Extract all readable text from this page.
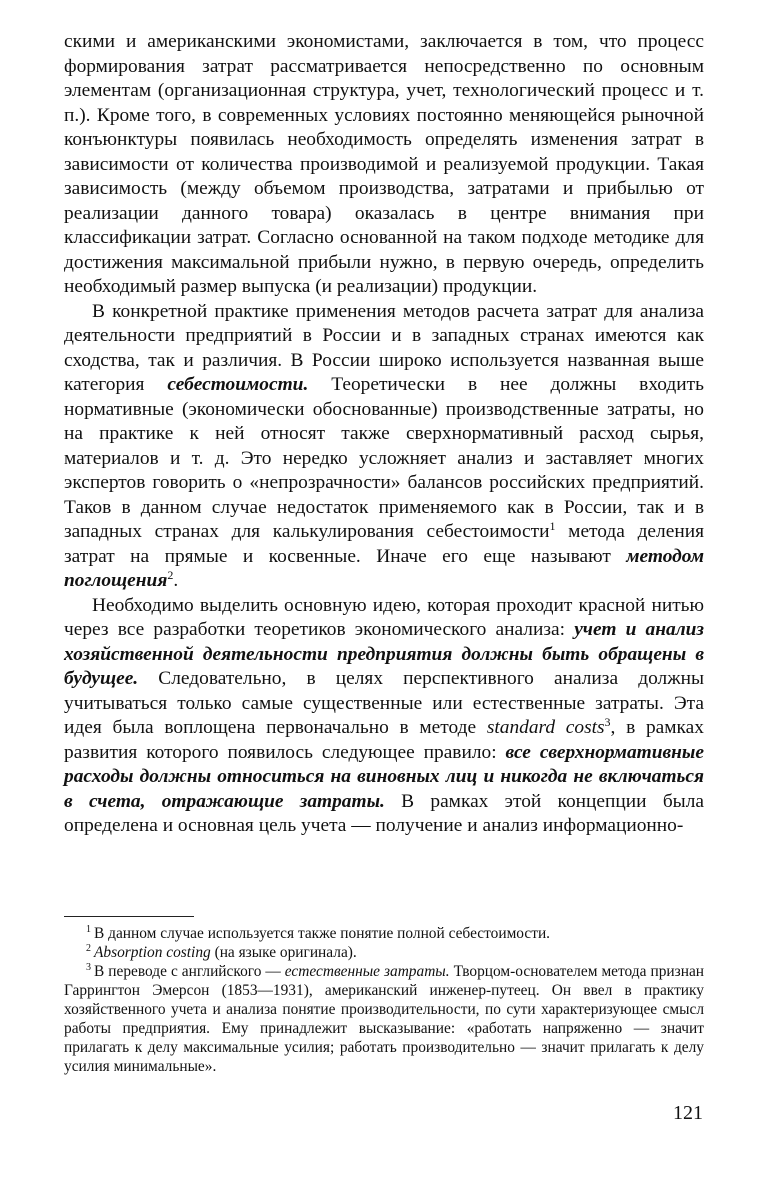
скими и американскими экономистами, заключается в том, что процесс формирования затрат рассматривается непосредственно по основным элементам (организационная структура, учет, технологический процесс и т. п.). Кроме того, в современных условиях постоянно меняющейся рыночной конъюнктуры появилась необходимость определять изменения затрат в зависимости от количества производимой и реализуемой продукции. Такая зависимость (между объемом производства, затратами и прибылью от реализации данного товара) оказалась в центре внимания при классификации затрат. Согласно основанной на таком подходе методике для достижения максимальной прибыли нужно, в первую очередь, определить необходимый размер выпуска (и реализации) продукции.

В конкретной практике применения методов расчета затрат для анализа деятельности предприятий в России и в западных странах имеются как сходства, так и различия. В России широко используется названная выше категория себестоимости. Теоретически в нее должны входить нормативные (экономически обоснованные) производственные затраты, но на практике к ней относят также сверхнормативный расход сырья, материалов и т. д. Это нередко усложняет анализ и заставляет многих экспертов говорить о «непрозрачности» балансов российских предприятий. Таков в данном случае недостаток применяемого как в России, так и в западных странах для калькулирования себестоимости$^1$ метода деления затрат на прямые и косвенные. Иначе его еще называют методом поглощения$^2$.

Необходимо выделить основную идею, которая проходит красной нитью через все разработки теоретиков экономического анализа: учет и анализ хозяйственной деятельности предприятия должны быть обращены в будущее. Следовательно, в целях перспективного анализа должны учитываться только самые существенные или естественные затраты. Эта идея была воплощена первоначально в методе standard costs$^3$, в рамках развития которого появилось следующее правило: все сверхнормативные расходы должны относиться на виновных лиц и никогда не включаться в счета, отражающие затраты. В рамках этой концепции была определена и основная цель учета — получение и анализ информационно-

$^1$ В данном случае используется также понятие полной себестоимости.

$^2$ Absorption costing (на языке оригинала).

$^3$ В переводе с английского — естественные затраты. Творцом-основателем метода признан Гаррингтон Эмерсон (1853—1931), американский инженер-путеец. Он ввел в практику хозяйственного учета и анализа понятие производительности, по сути характеризующее смысл работы предприятия. Ему принадлежит высказывание: «работать напряженно — значит прилагать к делу максимальные усилия; работать производительно — значит прилагать к делу усилия минимальные».

121
